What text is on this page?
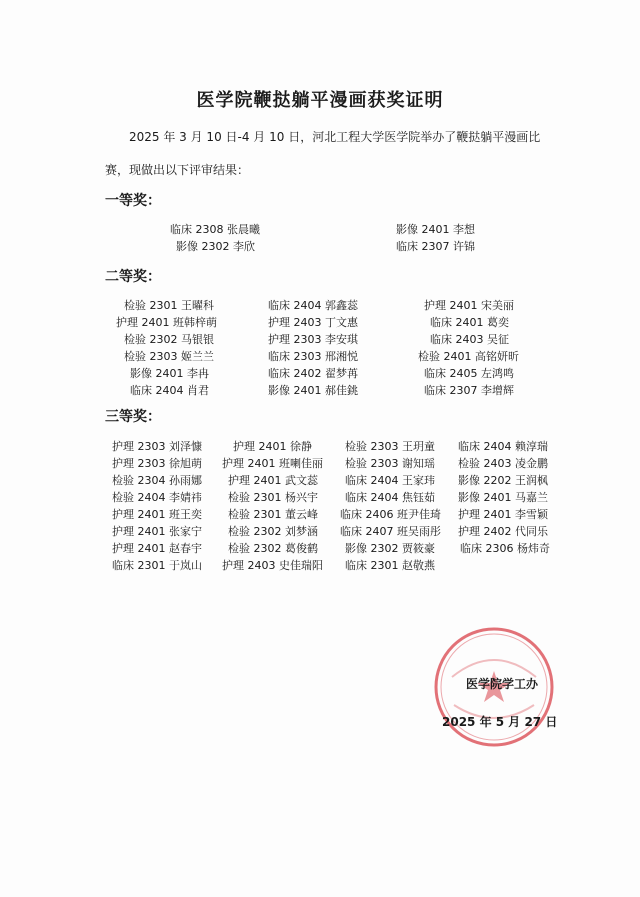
医学院鞭挞躺平漫画获奖证明
2025 年 3 月 10 日-4 月 10 日，河北工程大学医学院举办了鞭挞躺平漫画比
赛，现做出以下评审结果：
一等奖：
二等奖：
三等奖：
临床 2308 张晨曦	影像 2401 李想
影像 2302 李欣	临床 2307 许锦
检验 2301 王曜科	临床 2404 郭鑫蕊	护理 2401 宋美丽
护理 2401 班韩梓萌	护理 2403 丁文惠	临床 2401 葛奕
检验 2302 马银银	护理 2303 李安琪	临床 2403 吴征
检验 2303 姬兰兰	临床 2303 邢湘悦	检验 2401 高铭妍昕
影像 2401 李冉	临床 2402 翟梦苒	临床 2405 左鸿鸣
临床 2404 肖君	影像 2401 郝佳銚	临床 2307 李增辉
护理 2303 刘泽慷	护理 2401 徐静	检验 2303 王玥童 临床 2404 赖淳瑞
护理 2303 徐旭萌 护理 2401 班喇佳丽 检验 2303 谢知瑶 检验 2403 凌金鹏
检验 2304 孙雨娜 护理 2401 武文蕊 临床 2404 王家玮 影像 2202 王润枫
检验 2404 李婧祎 检验 2301 杨兴宇 临床 2404 焦钰茹 影像 2401 马嘉兰
护理 2401 班王奕 检验 2301 董云峰 临床 2406 班尹佳琦 护理 2401 李雪颖
护理 2401 张家宁 检验 2302 刘梦涵 临床 2407 班吴雨彤 护理 2402 代同乐
护理 2401 赵春宇 检验 2302 葛俊鹤 影像 2302 贾筱豪 临床 2306 杨炜奇
临床 2301 于岚山 护理 2403 史佳瑞阳 临床 2301 赵敬燕
医学院学工办
2025 年 5 月 27 日
